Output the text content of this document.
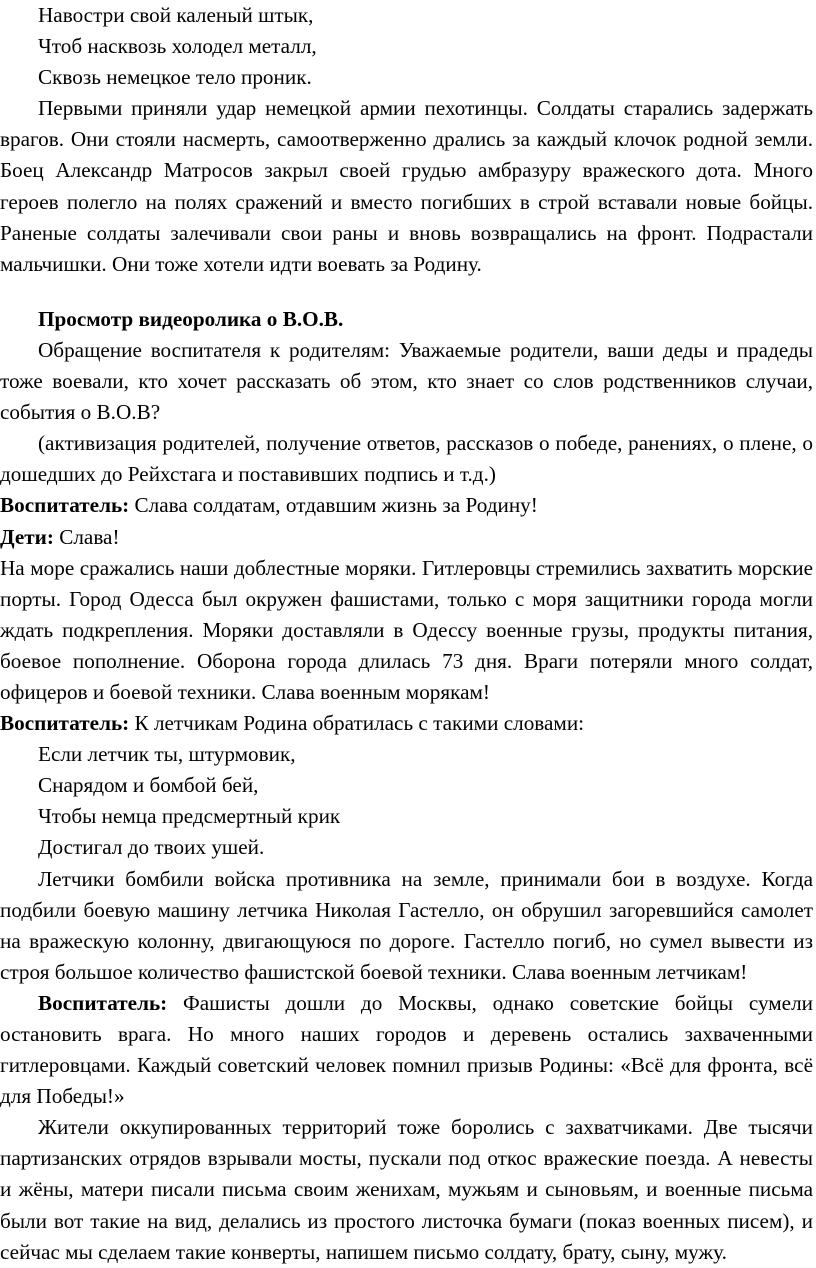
Навостри свой каленый штык,

Чтоб насквозь холодел металл,

Сквозь немецкое тело проник.

Первыми приняли удар немецкой армии пехотинцы. Солдаты старались задержать врагов. Они стояли насмерть, самоотверженно дрались за каждый клочок родной земли. Боец Александр Матросов закрыл своей грудью амбразуру вражеского дота. Много героев полегло на полях сражений и вместо погибших в строй вставали новые бойцы. Раненые солдаты залечивали свои раны и вновь возвращались на фронт. Подрастали мальчишки. Они тоже хотели идти воевать за Родину.

Просмотр видеоролика о В.О.В.

Обращение воспитателя к родителям: Уважаемые родители, ваши деды и прадеды тоже воевали, кто хочет рассказать об этом, кто знает со слов родственников случаи, события о В.О.В?

(активизация родителей, получение ответов, рассказов о победе, ранениях, о плене, о дошедших до Рейхстага и поставивших подпись и т.д.)

Воспитатель: Слава солдатам, отдавшим жизнь за Родину!

Дети: Слава!

На море сражались наши доблестные моряки. Гитлеровцы стремились захватить морские порты. Город Одесса был окружен фашистами, только с моря защитники города могли ждать подкрепления. Моряки доставляли в Одессу военные грузы, продукты питания, боевое пополнение. Оборона города длилась 73 дня. Враги потеряли много солдат, офицеров и боевой техники. Слава военным морякам!

Воспитатель: К летчикам Родина обратилась с такими словами:

Если летчик ты, штурмовик,

Снарядом и бомбой бей,

Чтобы немца предсмертный крик

Достигал до твоих ушей.

Летчики бомбили войска противника на земле, принимали бои в воздухе. Когда подбили боевую машину летчика Николая Гастелло, он обрушил загоревшийся самолет на вражескую колонну, двигающуюся по дороге. Гастелло погиб, но сумел вывести из строя большое количество фашистской боевой техники. Слава военным летчикам!

Воспитатель: Фашисты дошли до Москвы, однако советские бойцы сумели остановить врага. Но много наших городов и деревень остались захваченными гитлеровцами. Каждый советский человек помнил призыв Родины: «Всё для фронта, всё для Победы!»

Жители оккупированных территорий тоже боролись с захватчиками. Две тысячи партизанских отрядов взрывали мосты, пускали под откос вражеские поезда. А невесты и жёны, матери писали письма своим женихам, мужьям и сыновьям, и военные письма были вот такие на вид, делались из простого листочка бумаги (показ военных писем), и сейчас мы сделаем такие конверты, напишем письмо солдату, брату, сыну, мужу.
